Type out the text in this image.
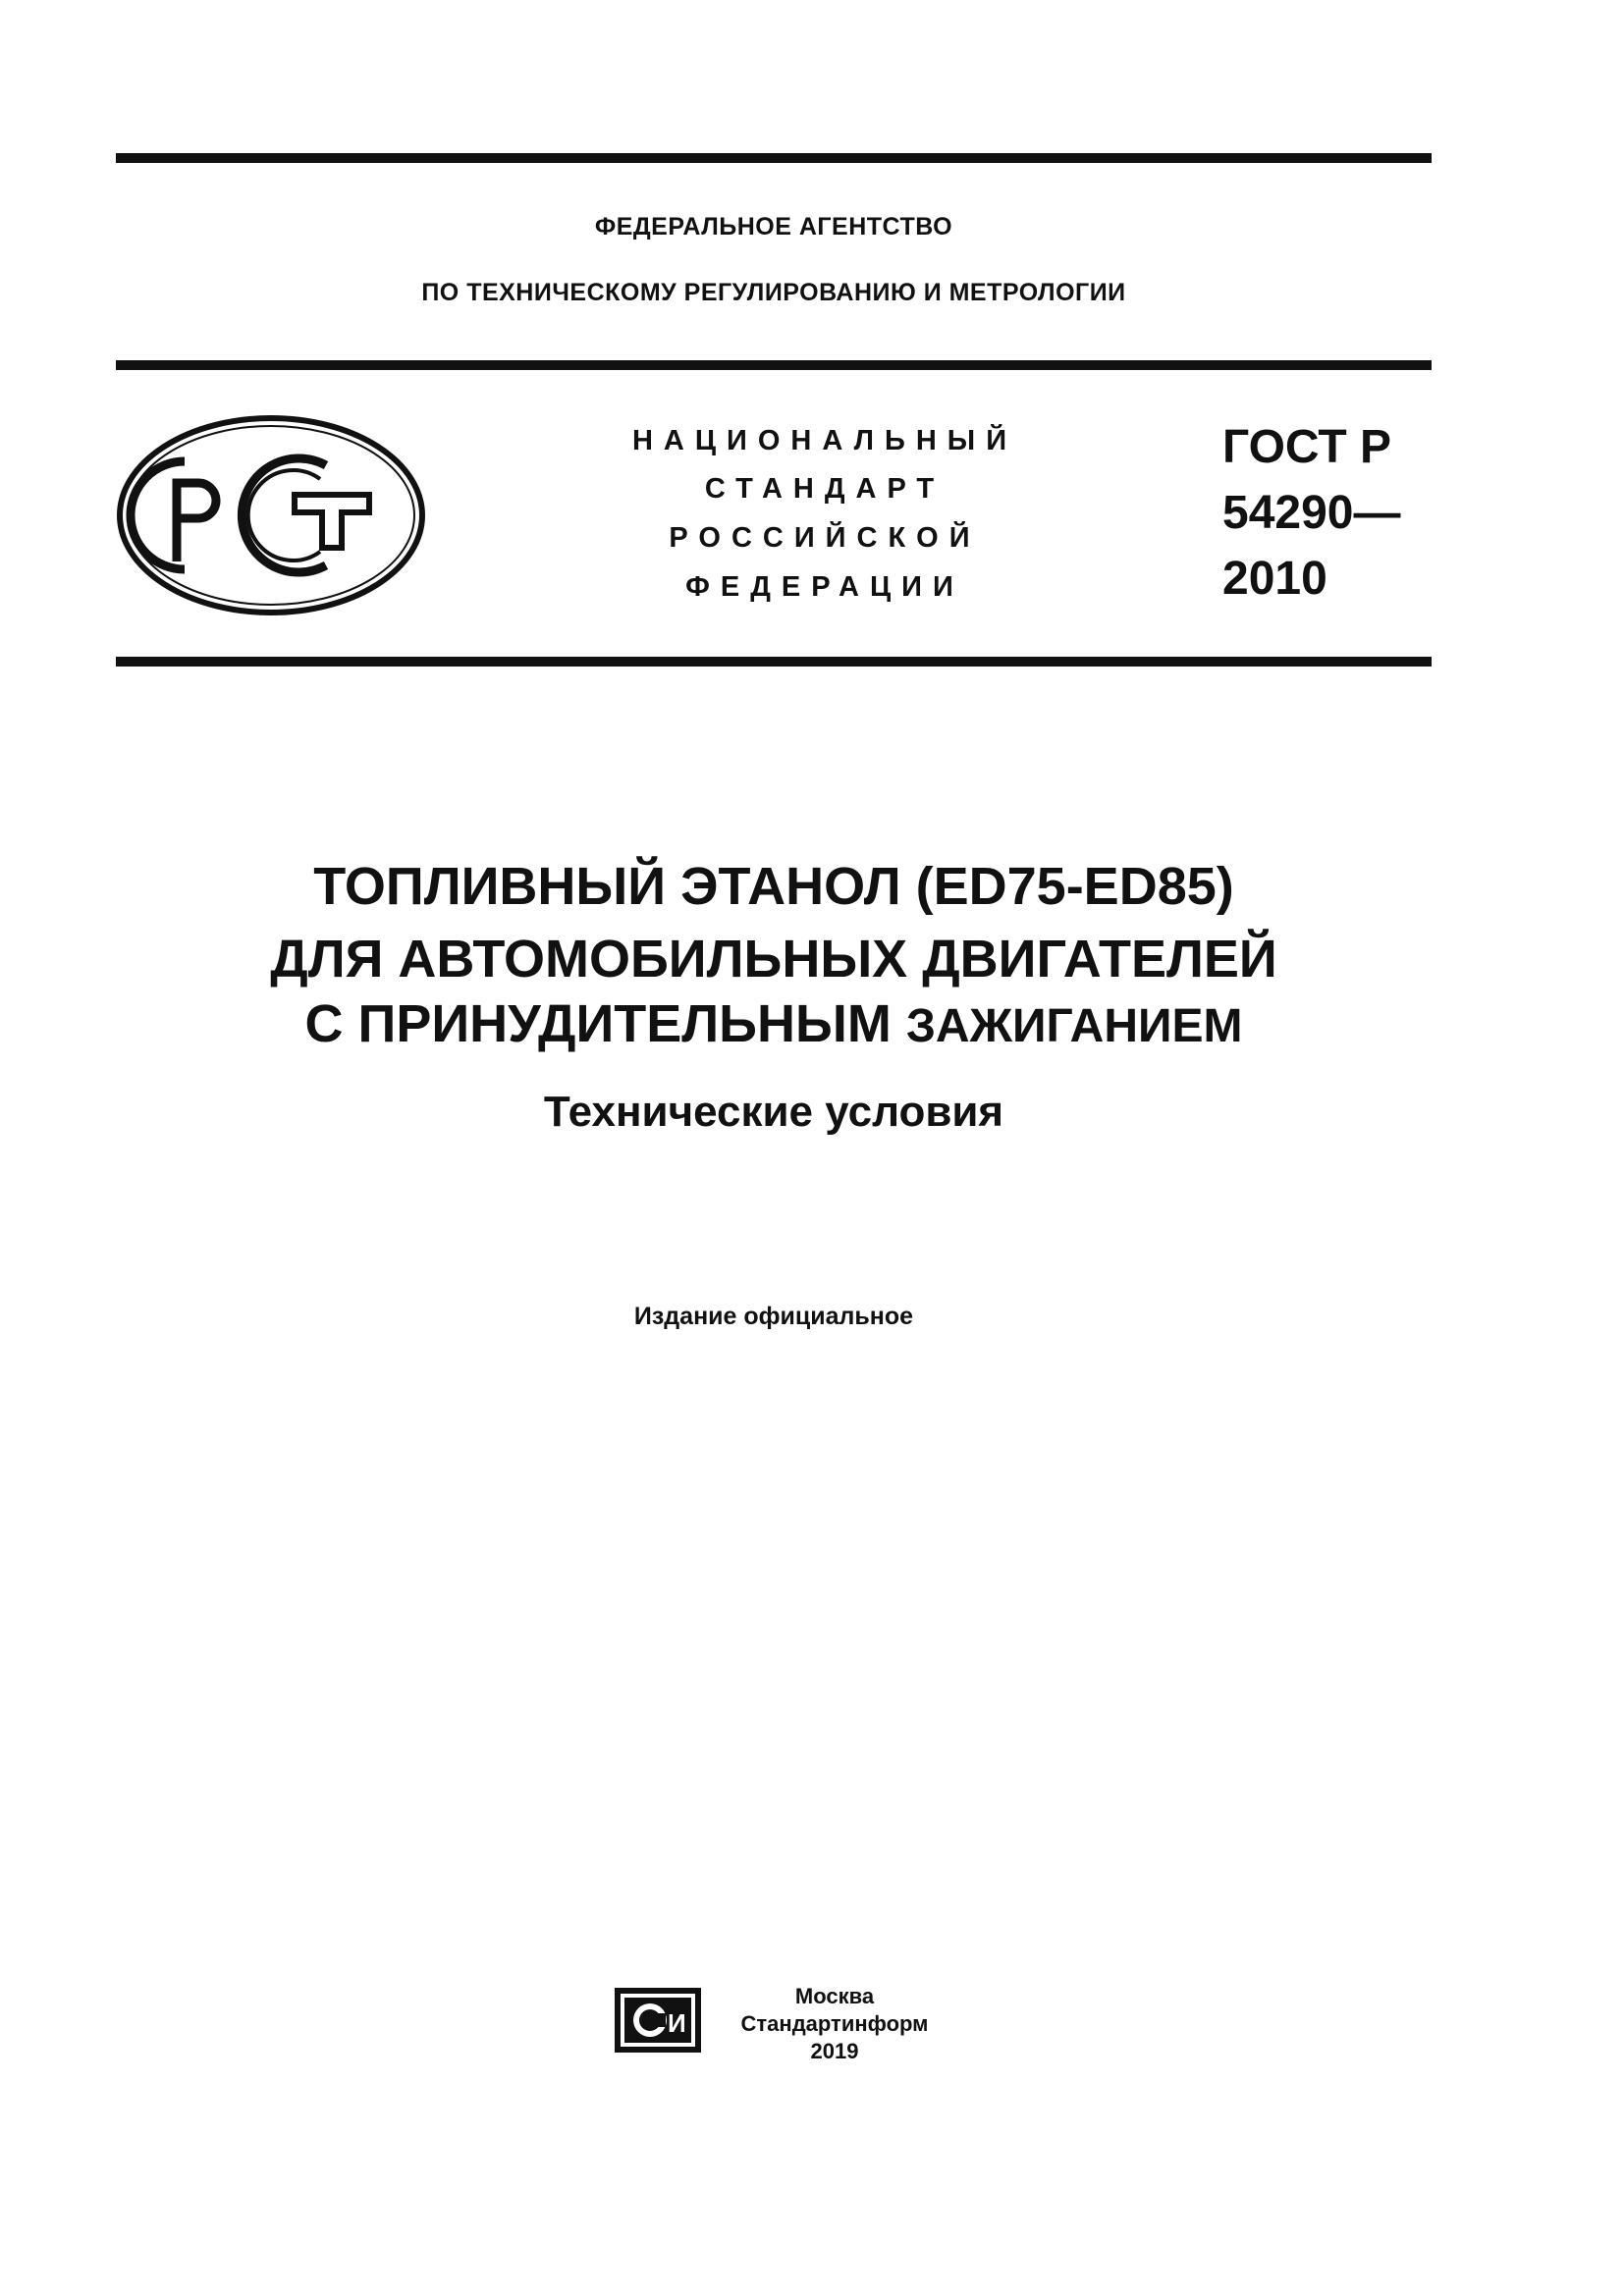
ФЕДЕРАЛЬНОЕ АГЕНТСТВО
ПО ТЕХНИЧЕСКОМУ РЕГУЛИРОВАНИЮ И МЕТРОЛОГИИ
НАЦИОНАЛЬНЫЙ
СТАНДАРТ
РОССИЙСКОЙ
ФЕДЕРАЦИИ
ГОСТ Р
54290—
2010
ТОПЛИВНЫЙ ЭТАНОЛ (ED75-ED85)
ДЛЯ АВТОМОБИЛЬНЫХ ДВИГАТЕЛЕЙ
С ПРИНУДИТЕЛЬНЫМ ЗАЖИГАНИЕМ
Технические условия
Издание официальное
И
Москва
Стандартинформ
2019
